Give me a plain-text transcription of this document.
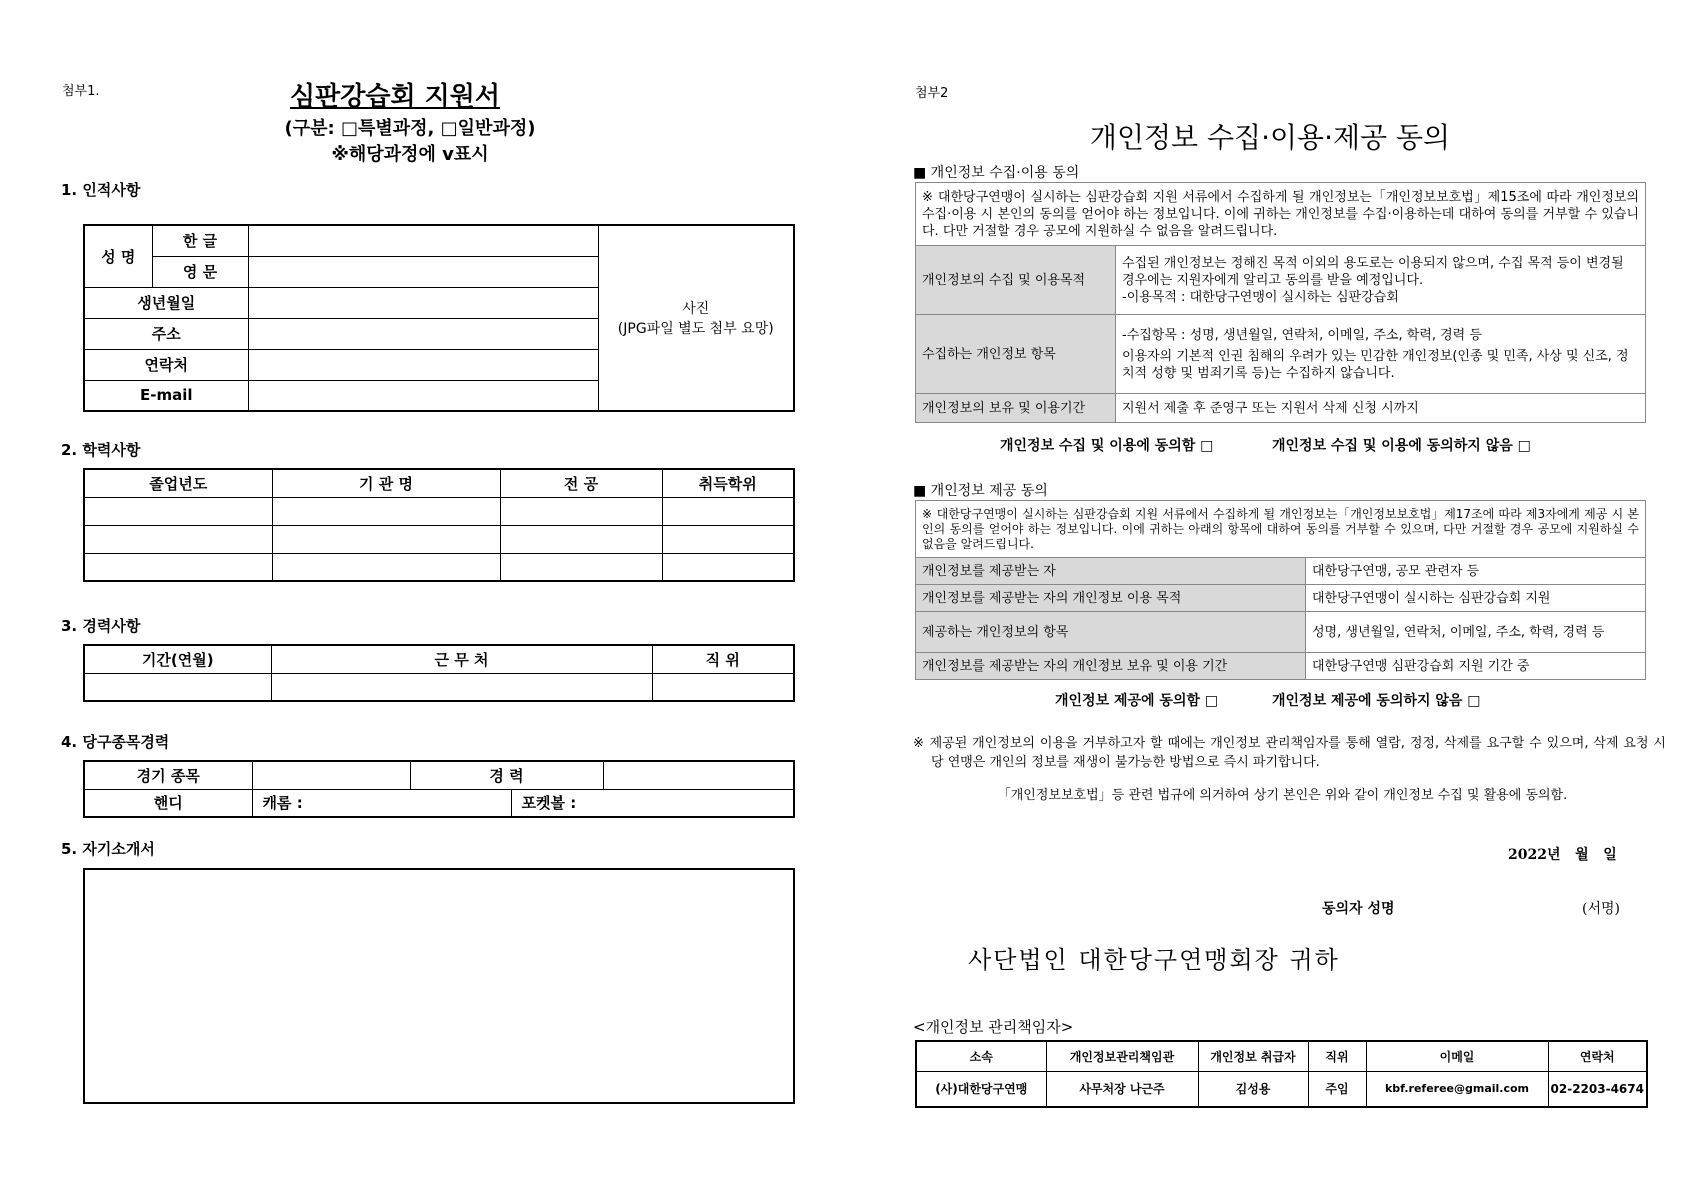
첨부1.	심판강습회 지원서
(구분: □특별과정, □일반과정)
※해당과정에 v표시
1. 인적사항
성 명	한 글		사진
(JPG파일 별도 첨부 요망)

	영 문		
생년월일			
주소			
연락처			
E-mail			
2. 학력사항
졸업년도	기 관 명	전 공	취득학위

3. 경력사항
기간(연월)	근 무 처	직 위

4. 당구종목경력
경기 종목		경 력		
핸디	캐롬 :		포켓볼 :	
5. 자기소개서
첨부2
개인정보 수집·이용·제공 동의
■ 개인정보 수집·이용 동의
※ 대한당구연맹이 실시하는 심판강습회 지원 서류에서 수집하게 될 개인정보는「개인정보보호법」제15조에 따라 개인정보의 수집·이용 시 본인의 동의를 얻어야 하는 정보입니다. 이에 귀하는 개인정보를 수집·이용하는데 대하여 동의를 거부할 수 있습니다. 다만 거절할 경우 공모에 지원하실 수 없음을 알려드립니다.	
개인정보의 수집 및 이용목적	수집된 개인정보는 정해진 목적 이외의 용도로는 이용되지 않으며, 수집 목적 등이 변경될 경우에는 지원자에게 알리고 동의를 받을 예정입니다.
-이용목적 : 대한당구연맹이 실시하는 심판강습회

수집하는 개인정보 항목	-수집항목 : 성명, 생년월일, 연락처, 이메일, 주소, 학력, 경력 등
이용자의 기본적 인권 침해의 우려가 있는 민감한 개인정보(인종 및 민족, 사상 및 신조, 정치적 성향 및 범죄기록 등)는 수집하지 않습니다.

개인정보의 보유 및 이용기간	지원서 제출 후 준영구 또는 지원서 삭제 신청 시까지
개인정보 수집 및 이용에 동의함 □	개인정보 수집 및 이용에 동의하지 않음 □
■ 개인정보 제공 동의
※ 대한당구연맹이 실시하는 심판강습회 지원 서류에서 수집하게 될 개인정보는「개인정보보호법」제17조에 따라 제3자에게 제공 시 본인의 동의를 얻어야 하는 정보입니다. 이에 귀하는 아래의 항목에 대하여 동의를 거부할 수 있으며, 다만 거절할 경우 공모에 지원하실 수 없음을 알려드립니다.	
개인정보를 제공받는 자	대한당구연맹, 공모 관련자 등
개인정보를 제공받는 자의 개인정보 이용 목적	대한당구연맹이 실시하는 심판강습회 지원
제공하는 개인정보의 항목	성명, 생년월일, 연락처, 이메일, 주소, 학력, 경력 등
개인정보를 제공받는 자의 개인정보 보유 및 이용 기간	대한당구연맹 심판강습회 지원 기간 중
개인정보 제공에 동의함 □	개인정보 제공에 동의하지 않음 □
※ 제공된 개인정보의 이용을 거부하고자 할 때에는 개인정보 관리책임자를 통해 열람, 정정, 삭제를 요구할 수 있으며, 삭제 요청 시 당 연맹은 개인의 정보를 재생이 불가능한 방법으로 즉시 파기합니다.
「개인정보보호법」등 관련 법규에 의거하여 상기 본인은 위와 같이 개인정보 수집 및 활용에 동의함.
2022년   월   일
동의자 성명	(서명)
사단법인 대한당구연맹회장 귀하
<개인정보 관리책임자>
소속	개인정보관리책임관	개인정보 취급자	직위	이메일	연락처
(사)대한당구연맹	사무처장 나근주	김성용	주임	kbf.referee@gmail.com	02-2203-4674
